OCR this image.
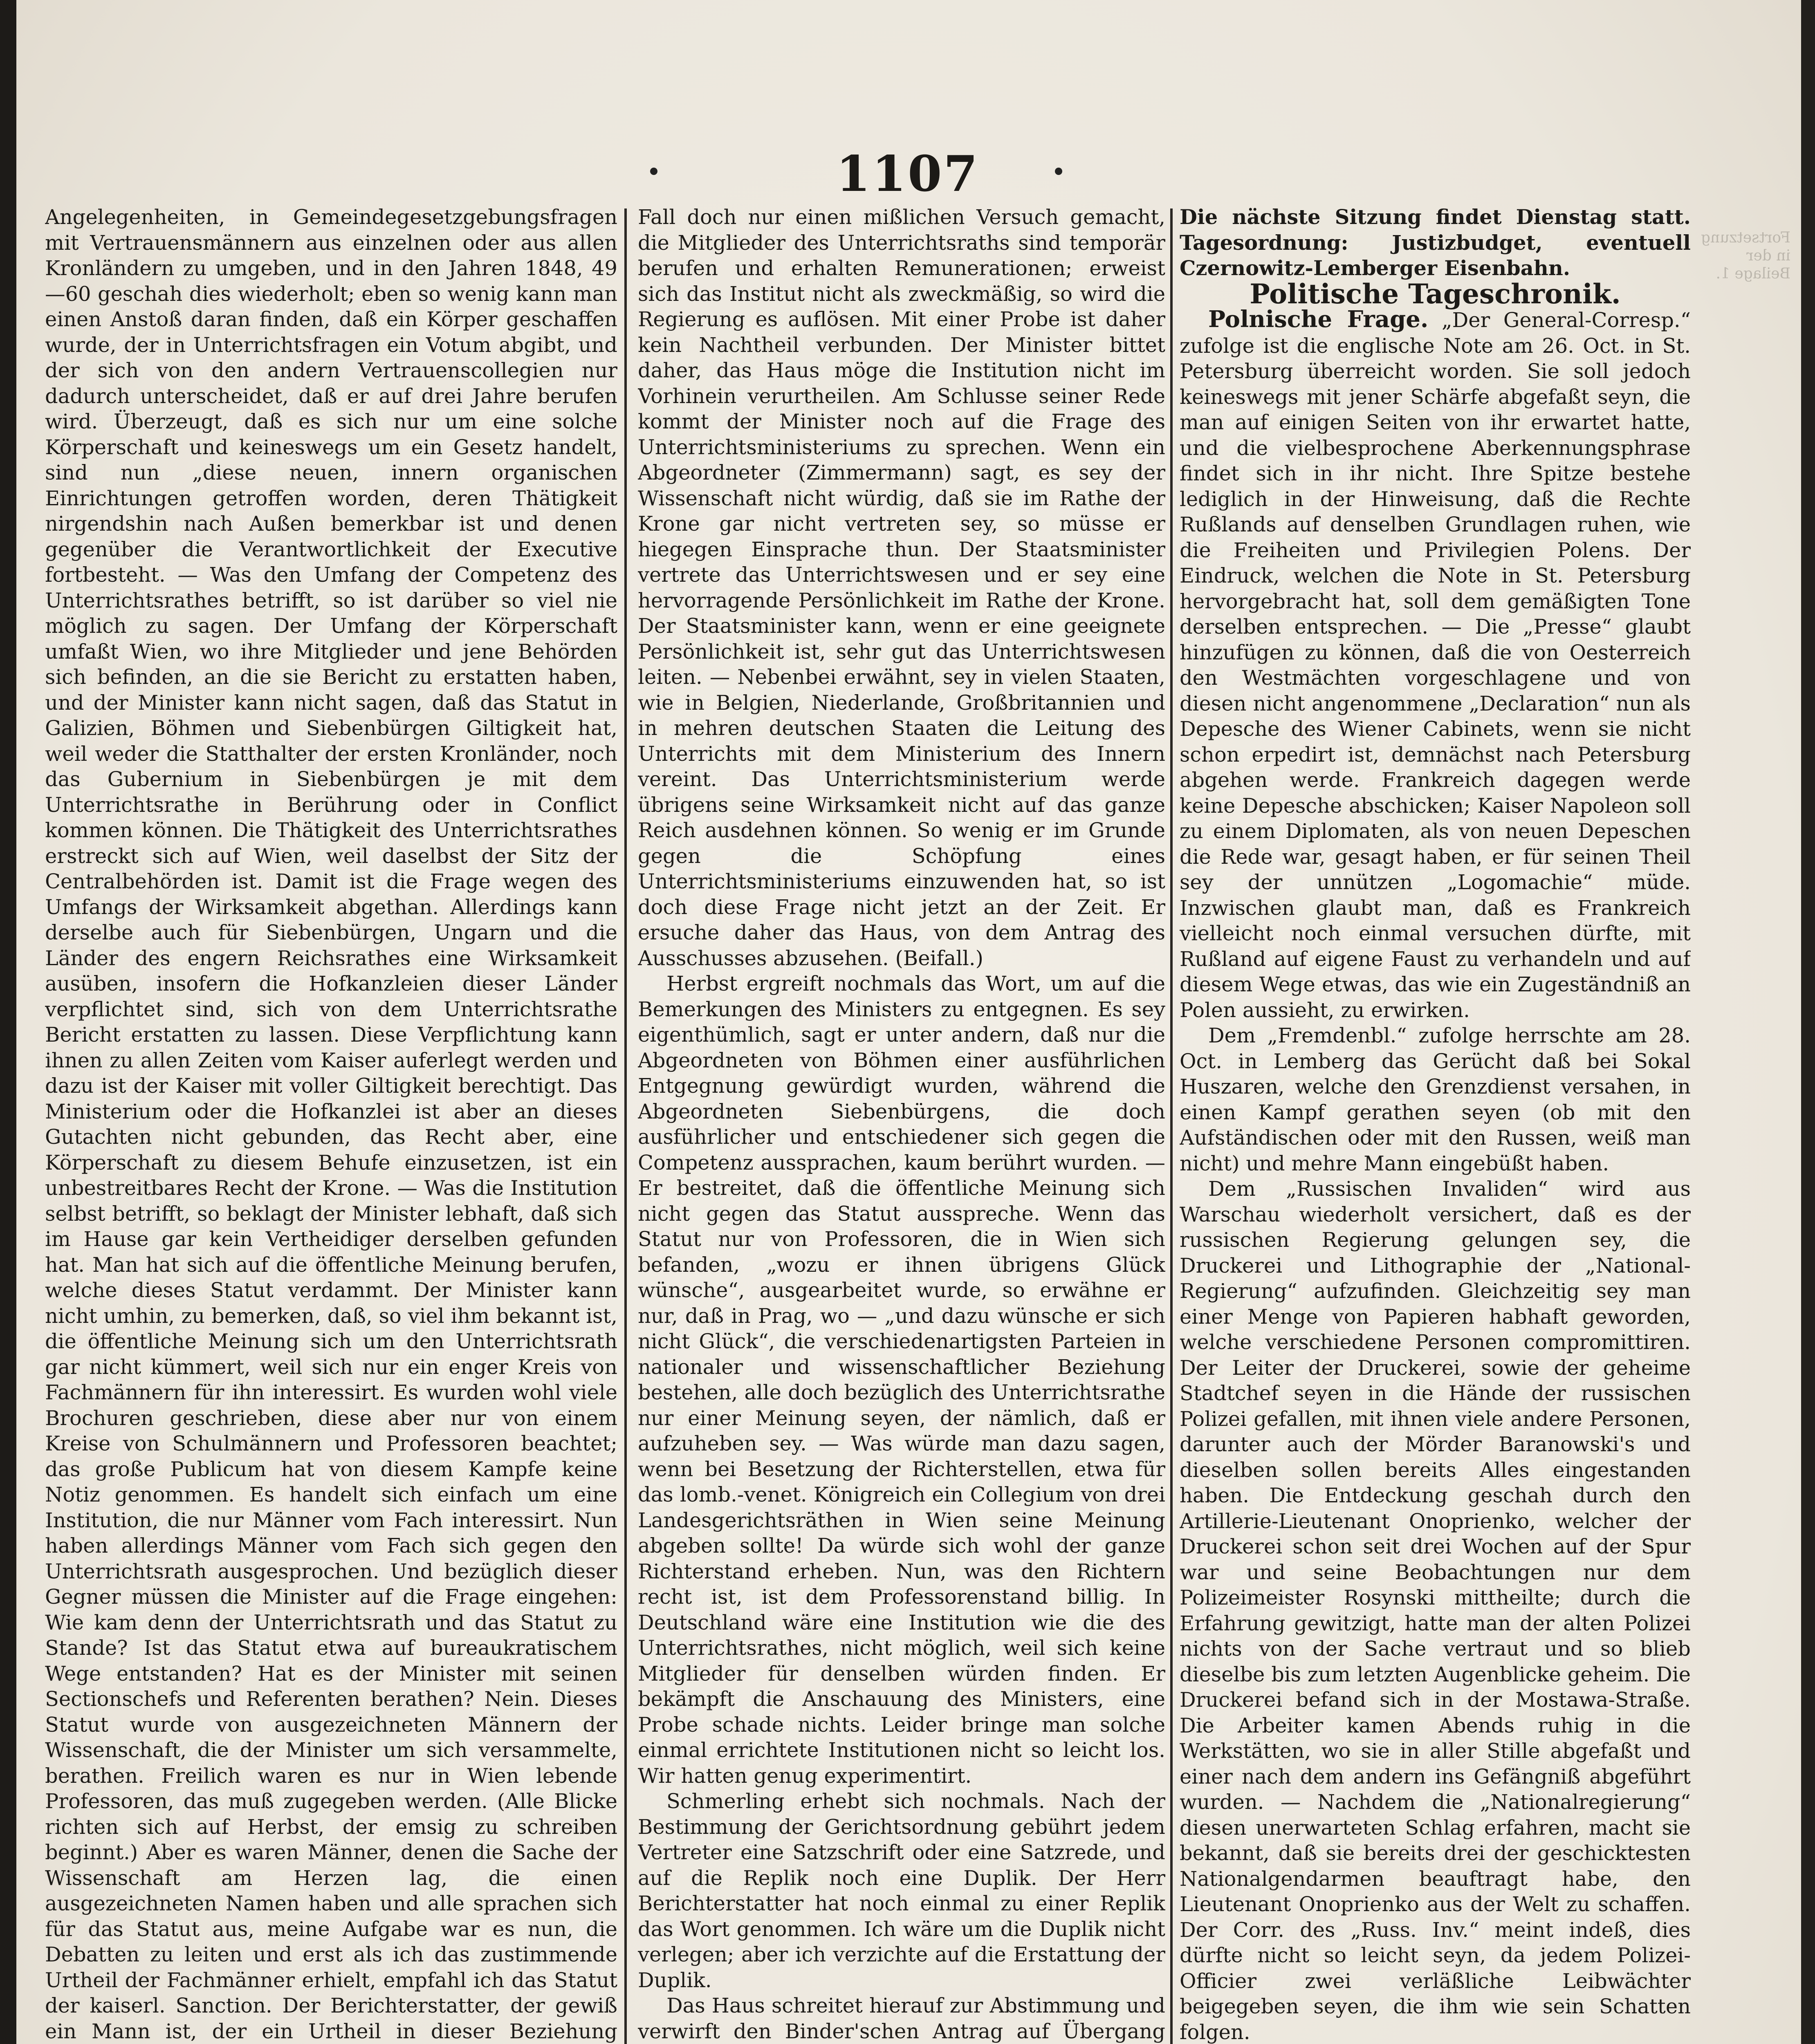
1107
Fortsetzung in der Beilage 1.

Angelegenheiten, in Gemeindegesetzgebungsfragen mit Vertrauensmännern aus einzelnen oder aus allen Kronländern zu umgeben, und in den Jahren 1848, 49—60 geschah dies wiederholt; eben so wenig kann man einen Anstoß daran finden, daß ein Körper geschaffen wurde, der in Unterrichtsfragen ein Votum abgibt, und der sich von den andern Vertrauenscollegien nur dadurch unterscheidet, daß er auf drei Jahre berufen wird. Überzeugt, daß es sich nur um eine solche Körperschaft und keineswegs um ein Gesetz handelt, sind nun „diese neuen, innern organischen Einrichtungen getroffen worden, deren Thätigkeit nirgendshin nach Außen bemerkbar ist und denen gegenüber die Verantwortlichkeit der Executive fortbesteht. — Was den Umfang der Competenz des Unterrichtsrathes betrifft, so ist darüber so viel nie möglich zu sagen. Der Umfang der Körperschaft umfaßt Wien, wo ihre Mitglieder und jene Behörden sich befinden, an die sie Bericht zu erstatten haben, und der Minister kann nicht sagen, daß das Statut in Galizien, Böhmen und Siebenbürgen Giltigkeit hat, weil weder die Statthalter der ersten Kronländer, noch das Gubernium in Siebenbürgen je mit dem Unterrichtsrathe in Berührung oder in Conflict kommen können. Die Thätigkeit des Unterrichtsrathes erstreckt sich auf Wien, weil daselbst der Sitz der Centralbehörden ist. Damit ist die Frage wegen des Umfangs der Wirksamkeit abgethan. Allerdings kann derselbe auch für Siebenbürgen, Ungarn und die Länder des engern Reichsrathes eine Wirksamkeit ausüben, insofern die Hofkanzleien dieser Länder verpflichtet sind, sich von dem Unterrichtsrathe Bericht erstatten zu lassen. Diese Verpflichtung kann ihnen zu allen Zeiten vom Kaiser auferlegt werden und dazu ist der Kaiser mit voller Giltigkeit berechtigt. Das Ministerium oder die Hofkanzlei ist aber an dieses Gutachten nicht gebunden, das Recht aber, eine Körperschaft zu diesem Behufe einzusetzen, ist ein unbestreitbares Recht der Krone. — Was die Institution selbst betrifft, so beklagt der Minister lebhaft, daß sich im Hause gar kein Vertheidiger derselben gefunden hat. Man hat sich auf die öffentliche Meinung berufen, welche dieses Statut verdammt. Der Minister kann nicht umhin, zu bemerken, daß, so viel ihm bekannt ist, die öffentliche Meinung sich um den Unterrichtsrath gar nicht kümmert, weil sich nur ein enger Kreis von Fachmännern für ihn interessirt. Es wurden wohl viele Brochuren geschrieben, diese aber nur von einem Kreise von Schulmännern und Professoren beachtet; das große Publicum hat von diesem Kampfe keine Notiz genommen. Es handelt sich einfach um eine Institution, die nur Männer vom Fach interessirt. Nun haben allerdings Männer vom Fach sich gegen den Unterrichtsrath ausgesprochen. Und bezüglich dieser Gegner müssen die Minister auf die Frage eingehen: Wie kam denn der Unterrichtsrath und das Statut zu Stande? Ist das Statut etwa auf bureaukratischem Wege entstanden? Hat es der Minister mit seinen Sectionschefs und Referenten berathen? Nein. Dieses Statut wurde von ausgezeichneten Männern der Wissenschaft, die der Minister um sich versammelte, berathen. Freilich waren es nur in Wien lebende Professoren, das muß zugegeben werden. (Alle Blicke richten sich auf Herbst, der emsig zu schreiben beginnt.) Aber es waren Männer, denen die Sache der Wissenschaft am Herzen lag, die einen ausgezeichneten Namen haben und alle sprachen sich für das Statut aus, meine Aufgabe war es nun, die Debatten zu leiten und erst als ich das zustimmende Urtheil der Fachmänner erhielt, empfahl ich das Statut der kaiserl. Sanction. Der Berichterstatter, der gewiß ein Mann ist, der ein Urtheil in dieser Beziehung

Fall doch nur einen mißlichen Versuch gemacht, die Mitglieder des Unterrichtsraths sind temporär berufen und erhalten Remunerationen; erweist sich das Institut nicht als zweckmäßig, so wird die Regierung es auflösen. Mit einer Probe ist daher kein Nachtheil verbunden. Der Minister bittet daher, das Haus möge die Institution nicht im Vorhinein verurtheilen. Am Schlusse seiner Rede kommt der Minister noch auf die Frage des Unterrichtsministeriums zu sprechen. Wenn ein Abgeordneter (Zimmermann) sagt, es sey der Wissenschaft nicht würdig, daß sie im Rathe der Krone gar nicht vertreten sey, so müsse er hiegegen Einsprache thun. Der Staatsminister vertrete das Unterrichtswesen und er sey eine hervorragende Persönlichkeit im Rathe der Krone. Der Staatsminister kann, wenn er eine geeignete Persönlichkeit ist, sehr gut das Unterrichtswesen leiten. — Nebenbei erwähnt, sey in vielen Staaten, wie in Belgien, Niederlande, Großbritannien und in mehren deutschen Staaten die Leitung des Unterrichts mit dem Ministerium des Innern vereint. Das Unterrichtsministerium werde übrigens seine Wirksamkeit nicht auf das ganze Reich ausdehnen können. So wenig er im Grunde gegen die Schöpfung eines Unterrichtsministeriums einzuwenden hat, so ist doch diese Frage nicht jetzt an der Zeit. Er ersuche daher das Haus, von dem Antrag des Ausschusses abzusehen. (Beifall.)

Herbst ergreift nochmals das Wort, um auf die Bemerkungen des Ministers zu entgegnen. Es sey eigenthümlich, sagt er unter andern, daß nur die Abgeordneten von Böhmen einer ausführlichen Entgegnung gewürdigt wurden, während die Abgeordneten Siebenbürgens, die doch ausführlicher und entschiedener sich gegen die Competenz aussprachen, kaum berührt wurden. — Er bestreitet, daß die öffentliche Meinung sich nicht gegen das Statut ausspreche. Wenn das Statut nur von Professoren, die in Wien sich befanden, „wozu er ihnen übrigens Glück wünsche“, ausgearbeitet wurde, so erwähne er nur, daß in Prag, wo — „und dazu wünsche er sich nicht Glück“, die verschiedenartigsten Parteien in nationaler und wissenschaftlicher Beziehung bestehen, alle doch bezüglich des Unterrichtsrathe nur einer Meinung seyen, der nämlich, daß er aufzuheben sey. — Was würde man dazu sagen, wenn bei Besetzung der Richterstellen, etwa für das lomb.-venet. Königreich ein Collegium von drei Landesgerichtsräthen in Wien seine Meinung abgeben sollte! Da würde sich wohl der ganze Richterstand erheben. Nun, was den Richtern recht ist, ist dem Professorenstand billig. In Deutschland wäre eine Institution wie die des Unterrichtsrathes, nicht möglich, weil sich keine Mitglieder für denselben würden finden. Er bekämpft die Anschauung des Ministers, eine Probe schade nichts. Leider bringe man solche einmal errichtete Institutionen nicht so leicht los. Wir hatten genug experimentirt.

Schmerling erhebt sich nochmals. Nach der Bestimmung der Gerichtsordnung gebührt jedem Vertreter eine Satzschrift oder eine Satzrede, und auf die Replik noch eine Duplik. Der Herr Berichterstatter hat noch einmal zu einer Replik das Wort genommen. Ich wäre um die Duplik nicht verlegen; aber ich verzichte auf die Erstattung der Duplik.

Das Haus schreitet hierauf zur Abstimmung und verwirft den Binder'schen Antrag auf Übergang

Die nächste Sitzung findet Dienstag statt. Tagesordnung: Justizbudget, eventuell Czernowitz-Lemberger Eisenbahn.

Politische Tageschronik.

Polnische Frage. „Der General-Corresp.“ zufolge ist die englische Note am 26. Oct. in St. Petersburg überreicht worden. Sie soll jedoch keineswegs mit jener Schärfe abgefaßt seyn, die man auf einigen Seiten von ihr erwartet hatte, und die vielbesprochene Aberkennungsphrase findet sich in ihr nicht. Ihre Spitze bestehe lediglich in der Hinweisung, daß die Rechte Rußlands auf denselben Grundlagen ruhen, wie die Freiheiten und Privilegien Polens. Der Eindruck, welchen die Note in St. Petersburg hervorgebracht hat, soll dem gemäßigten Tone derselben entsprechen. — Die „Presse“ glaubt hinzufügen zu können, daß die von Oesterreich den Westmächten vorgeschlagene und von diesen nicht angenommene „Declaration“ nun als Depesche des Wiener Cabinets, wenn sie nicht schon erpedirt ist, demnächst nach Petersburg abgehen werde. Frankreich dagegen werde keine Depesche abschicken; Kaiser Napoleon soll zu einem Diplomaten, als von neuen Depeschen die Rede war, gesagt haben, er für seinen Theil sey der unnützen „Logomachie“ müde. Inzwischen glaubt man, daß es Frankreich vielleicht noch einmal versuchen dürfte, mit Rußland auf eigene Faust zu verhandeln und auf diesem Wege etwas, das wie ein Zugeständniß an Polen aussieht, zu erwirken.

Dem „Fremdenbl.“ zufolge herrschte am 28. Oct. in Lemberg das Gerücht daß bei Sokal Huszaren, welche den Grenzdienst versahen, in einen Kampf gerathen seyen (ob mit den Aufständischen oder mit den Russen, weiß man nicht) und mehre Mann eingebüßt haben.

Dem „Russischen Invaliden“ wird aus Warschau wiederholt versichert, daß es der russischen Regierung gelungen sey, die Druckerei und Lithographie der „National-Regierung“ aufzufinden. Gleichzeitig sey man einer Menge von Papieren habhaft geworden, welche verschiedene Personen compromittiren. Der Leiter der Druckerei, sowie der geheime Stadtchef seyen in die Hände der russischen Polizei gefallen, mit ihnen viele andere Personen, darunter auch der Mörder Baranowski's und dieselben sollen bereits Alles eingestanden haben. Die Entdeckung geschah durch den Artillerie-Lieutenant Onoprienko, welcher der Druckerei schon seit drei Wochen auf der Spur war und seine Beobachtungen nur dem Polizeimeister Rosynski mittheilte; durch die Erfahrung gewitzigt, hatte man der alten Polizei nichts von der Sache vertraut und so blieb dieselbe bis zum letzten Augenblicke geheim. Die Druckerei befand sich in der Mostawa-Straße. Die Arbeiter kamen Abends ruhig in die Werkstätten, wo sie in aller Stille abgefaßt und einer nach dem andern ins Gefängniß abgeführt wurden. — Nachdem die „Nationalregierung“ diesen unerwarteten Schlag erfahren, macht sie bekannt, daß sie bereits drei der geschicktesten Nationalgendarmen beauftragt habe, den Lieutenant Onoprienko aus der Welt zu schaffen. Der Corr. des „Russ. Inv.“ meint indeß, dies dürfte nicht so leicht seyn, da jedem Polizei-Officier zwei verläßliche Leibwächter beigegeben seyen, die ihm wie sein Schatten folgen.
